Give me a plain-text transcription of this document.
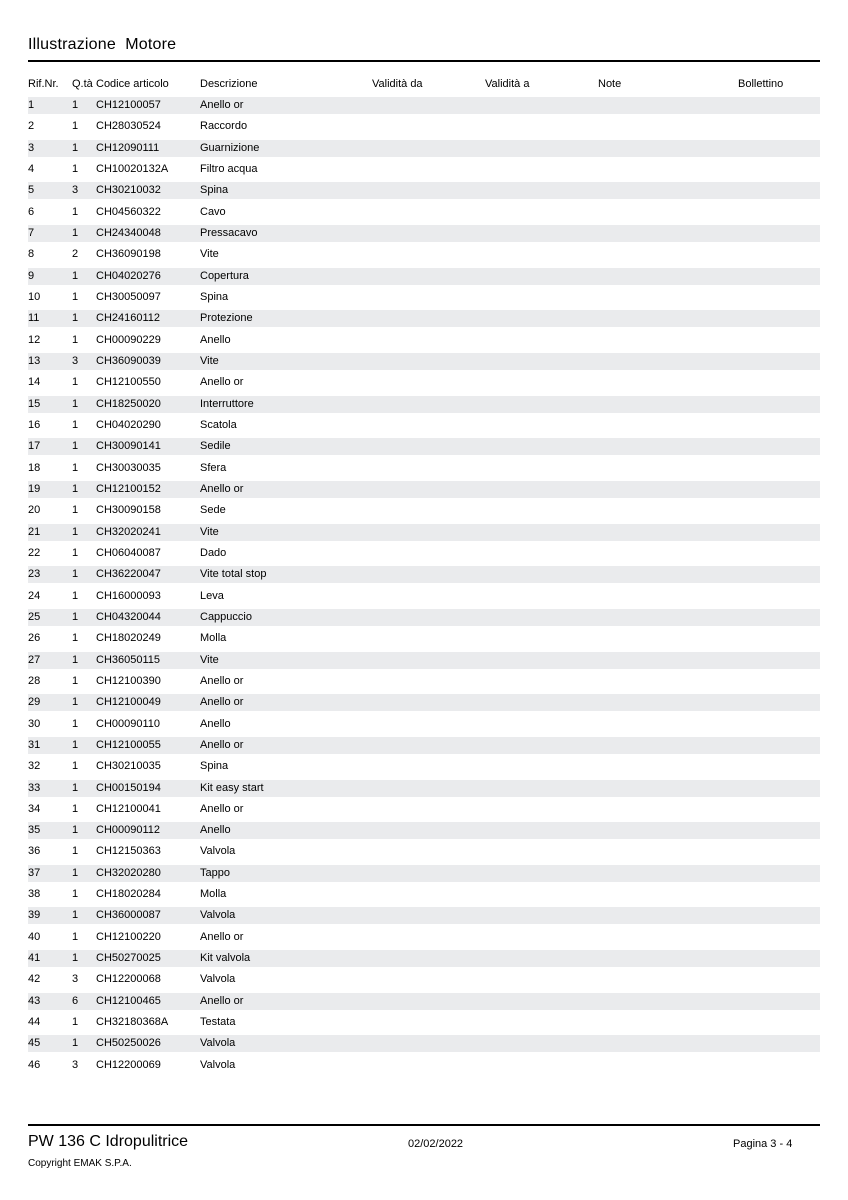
Illustrazione  Motore
Rif.Nr.	Q.tà Codice articolo	Descrizione	Validità da	Validità a	Note	Bollettino
1	1	CH12100057	Anello or
2	1	CH28030524	Raccordo
3	1	CH12090111	Guarnizione
4	1	CH10020132A	Filtro acqua
5	3	CH30210032	Spina
6	1	CH04560322	Cavo
7	1	CH24340048	Pressacavo
8	2	CH36090198	Vite
9	1	CH04020276	Copertura
10	1	CH30050097	Spina
11	1	CH24160112	Protezione
12	1	CH00090229	Anello
13	3	CH36090039	Vite
14	1	CH12100550	Anello or
15	1	CH18250020	Interruttore
16	1	CH04020290	Scatola
17	1	CH30090141	Sedile
18	1	CH30030035	Sfera
19	1	CH12100152	Anello or
20	1	CH30090158	Sede
21	1	CH32020241	Vite
22	1	CH06040087	Dado
23	1	CH36220047	Vite total stop
24	1	CH16000093	Leva
25	1	CH04320044	Cappuccio
26	1	CH18020249	Molla
27	1	CH36050115	Vite
28	1	CH12100390	Anello or
29	1	CH12100049	Anello or
30	1	CH00090110	Anello
31	1	CH12100055	Anello or
32	1	CH30210035	Spina
33	1	CH00150194	Kit easy start
34	1	CH12100041	Anello or
35	1	CH00090112	Anello
36	1	CH12150363	Valvola
37	1	CH32020280	Tappo
38	1	CH18020284	Molla
39	1	CH36000087	Valvola
40	1	CH12100220	Anello or
41	1	CH50270025	Kit valvola
42	3	CH12200068	Valvola
43	6	CH12100465	Anello or
44	1	CH32180368A	Testata
45	1	CH50250026	Valvola
46	3	CH12200069	Valvola
PW 136 C Idropulitrice
Copyright EMAK S.P.A.
02/02/2022	Pagina 3 - 4
